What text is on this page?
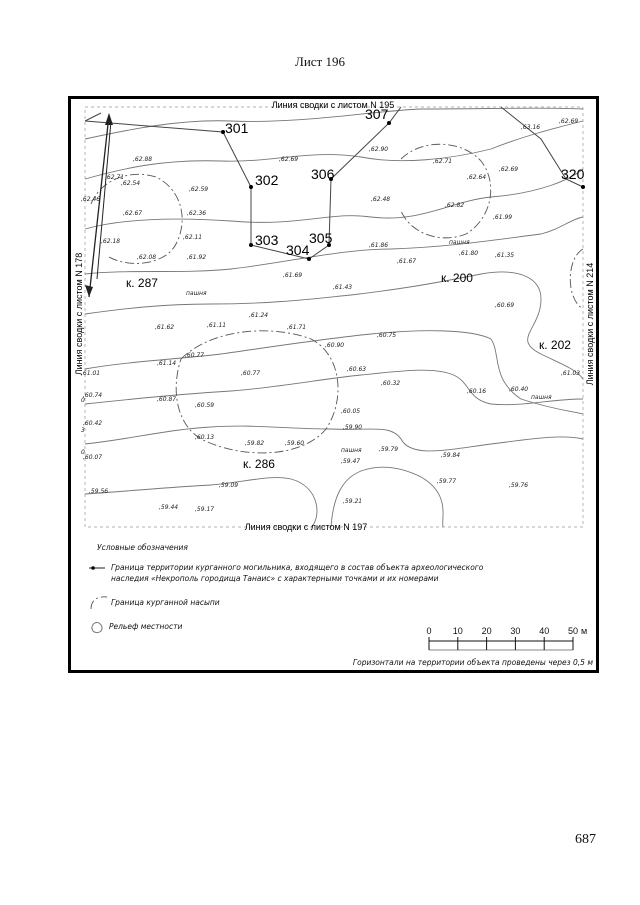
Лист 196
301
302
303
304
305
306
307
320
к. 287	к. 200
к. 202
к. 286
пашня
пашня
пашня
пашня
Линия сводки с листом N 195
Линия сводки с листом N 197
Линия сводки с листом N 178	Линия сводки с листом N 214
0
3
0
,62.88
,62.71
,62.54
,62.59
,62.46
,62.67	,62.36
,62.18
,62.11
,62.08	,61.92
,62.69
,62.90
,62.71
,62.64
,62.69
,63.16
,62.69
,62.48
,62.82
,61.99
,61.86
,61.67
,61.80	,61.35
,61.69
,61.43
,61.62	,61.11
,61.24
,61.71
,60.69
,60.90
,60.75
,61.01
,61.14
,60.77
,60.77
,60.63
,60.32
,60.16	,60.40
,61.03
,60.74
,60.87
,60.59
,60.05
,60.42
,60.13
,59.90
,59.82	,59.60
,60.07
,59.47
,59.79
,59.84
,59.09
,59.77
,59.76
,59.56
,59.44	,59.17
,59.21
Условные обозначения
Граница территории курганного могильника, входящего в состав объекта археологического
наследия «Некрополь городища Танаис» с характерными точками и их номерами
Граница курганной насыпи
Рельеф местности	0 10 20 30 40 50 м
Горизонтали на территории объекта проведены через 0,5 м
687
